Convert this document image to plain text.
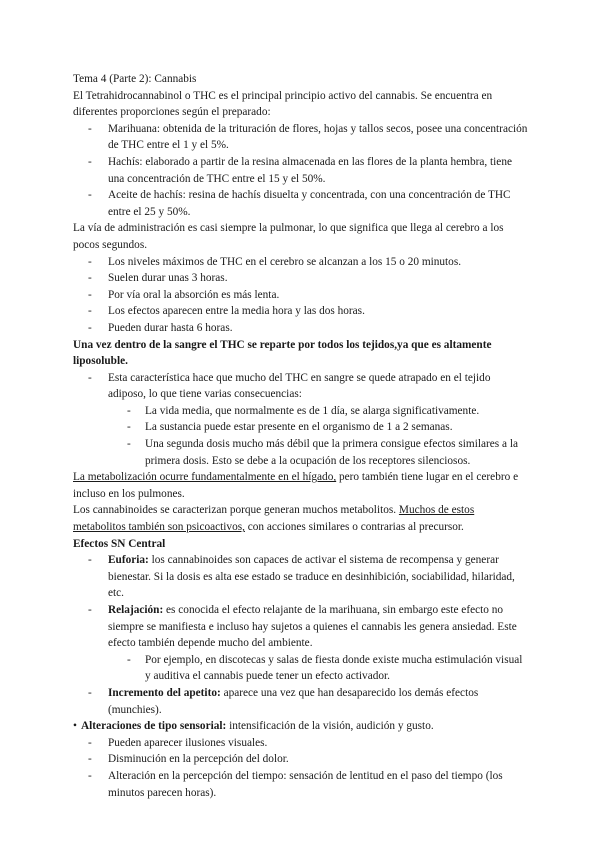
Tema 4 (Parte 2): Cannabis

El Tetrahidrocannabinol o THC es el principal principio activo del cannabis. Se encuentra en diferentes proporciones según el preparado:

- Marihuana: obtenida de la trituración de flores, hojas y tallos secos, posee una concentración de THC entre el 1 y el 5%.
- Hachís: elaborado a partir de la resina almacenada en las flores de la planta hembra, tiene una concentración de THC entre el 15 y el 50%.
- Aceite de hachís: resina de hachís disuelta y concentrada, con una concentración de THC entre el 25 y 50%.

La vía de administración es casi siempre la pulmonar, lo que significa que llega al cerebro a los pocos segundos.

- Los niveles máximos de THC en el cerebro se alcanzan a los 15 o 20 minutos.
- Suelen durar unas 3 horas.
- Por vía oral la absorción es más lenta.
- Los efectos aparecen entre la media hora y las dos horas.
- Pueden durar hasta 6 horas.

Una vez dentro de la sangre el THC se reparte por todos los tejidos,ya que es altamente liposoluble.

- Esta característica hace que mucho del THC en sangre se quede atrapado en el tejido adiposo, lo que tiene varias consecuencias:
- La vida media, que normalmente es de 1 día, se alarga significativamente.
- La sustancia puede estar presente en el organismo de 1 a 2 semanas.
- Una segunda dosis mucho más débil que la primera consigue efectos similares a la primera dosis. Esto se debe a la ocupación de los receptores silenciosos.

La metabolización ocurre fundamentalmente en el hígado, pero también tiene lugar en el cerebro e incluso en los pulmones.

Los cannabinoides se caracterizan porque generan muchos metabolitos. Muchos de estos metabolitos también son psicoactivos, con acciones similares o contrarias al precursor.

Efectos SN Central

- Euforia: los cannabinoides son capaces de activar el sistema de recompensa y generar bienestar. Si la dosis es alta ese estado se traduce en desinhibición, sociabilidad, hilaridad, etc.
- Relajación: es conocida el efecto relajante de la marihuana, sin embargo este efecto no siempre se manifiesta e incluso hay sujetos a quienes el cannabis les genera ansiedad. Este efecto también depende mucho del ambiente.
- Por ejemplo, en discotecas y salas de fiesta donde existe mucha estimulación visual y auditiva el cannabis puede tener un efecto activador.
- Incremento del apetito: aparece una vez que han desaparecido los demás efectos (munchies).

• Alteraciones de tipo sensorial: intensificación de la visión, audición y gusto.

- Pueden aparecer ilusiones visuales.
- Disminución en la percepción del dolor.
- Alteración en la percepción del tiempo: sensación de lentitud en el paso del tiempo (los minutos parecen horas).
